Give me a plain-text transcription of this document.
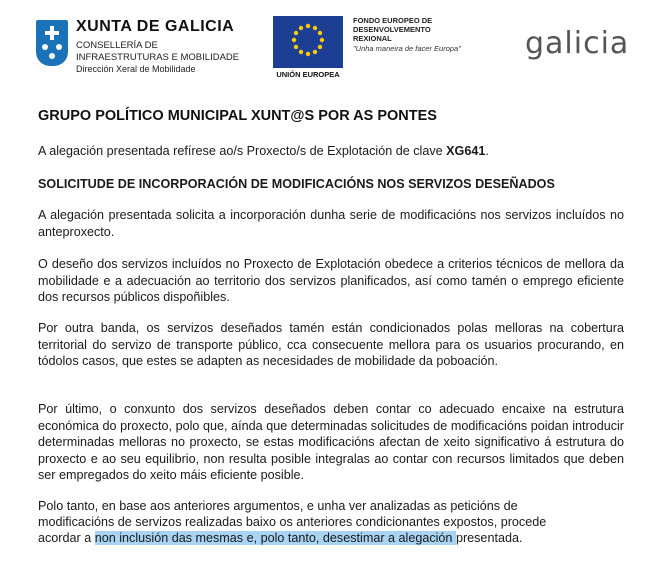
XUNTA DE GALICIA
CONSELLERÍA DE
INFRAESTRUTURAS E MOBILIDADE
Dirección Xeral de Mobilidade
UNIÓN EUROPEA
FONDO EUROPEO DE
DESENVOLVEMENTO
REXIONAL
"Unha maneira de facer Europa" galicia
GRUPO POLÍTICO MUNICIPAL XUNT@S POR AS PONTES
A alegación presentada refírese ao/s Proxecto/s de Explotación de clave XG641.
SOLICITUDE DE INCORPORACIÓN DE MODIFICACIÓNS NOS SERVIZOS DESEÑADOS
A alegación presentada solicita a incorporación dunha serie de modificacións nos servizos incluídos no anteproxecto.
O deseño dos servizos incluídos no Proxecto de Explotación obedece a criterios técnicos de mellora da mobilidade e a adecuación ao territorio dos servizos planificados, así como tamén o emprego eficiente dos recursos públicos dispoñibles.
Por outra banda, os servizos deseñados tamén están condicionados polas melloras na cobertura territorial do servizo de transporte público, cca consecuente mellora para os usuarios procurando, en tódolos casos, que estes se adapten as necesidades de mobilidade da poboación.
Por último, o conxunto dos servizos deseñados deben contar co adecuado encaixe na estrutura económica do proxecto, polo que, aínda que determinadas solicitudes de modificacións poidan introducir determinadas melloras no proxecto, se estas modificacións afectan de xeito significativo á estrutura do proxecto e ao seu equilibrio, non resulta posible integralas ao contar con recursos limitados que deben ser empregados do xeito máis eficiente posible.
Polo tanto, en base aos anteriores argumentos, e unha ver analizadas as peticións de
modificacións de servizos realizadas baixo os anteriores condicionantes expostos, procede
acordar a non inclusión das mesmas e, polo tanto, desestimar a alegación presentada.
